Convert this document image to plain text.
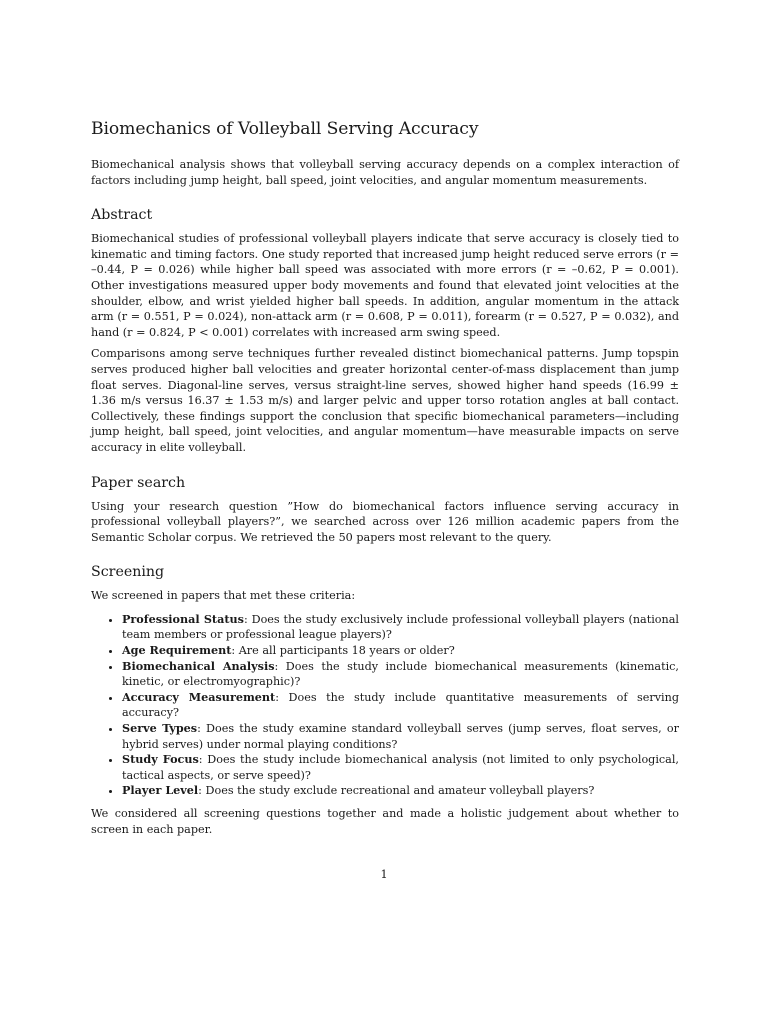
Biomechanics of Volleyball Serving Accuracy

Biomechanical analysis shows that volleyball serving accuracy depends on a complex interaction of factors including jump height, ball speed, joint velocities, and angular momentum measurements.

Abstract

Biomechanical studies of professional volleyball players indicate that serve accuracy is closely tied to kinematic and timing factors. One study reported that increased jump height reduced serve errors (r = –0.44, P = 0.026) while higher ball speed was associated with more errors (r = –0.62, P = 0.001). Other investigations measured upper body movements and found that elevated joint velocities at the shoulder, elbow, and wrist yielded higher ball speeds. In addition, angular momentum in the attack arm (r = 0.551, P = 0.024), non-attack arm (r = 0.608, P = 0.011), forearm (r = 0.527, P = 0.032), and hand (r = 0.824, P < 0.001) correlates with increased arm swing speed.

Comparisons among serve techniques further revealed distinct biomechanical patterns. Jump topspin serves produced higher ball velocities and greater horizontal center-of-mass displacement than jump float serves. Diagonal-line serves, versus straight-line serves, showed higher hand speeds (16.99 ± 1.36 m/s versus 16.37 ± 1.53 m/s) and larger pelvic and upper torso rotation angles at ball contact. Collectively, these findings support the conclusion that specific biomechanical parameters—including jump height, ball speed, joint velocities, and angular momentum—have measurable impacts on serve accuracy in elite volleyball.

Paper search

Using your research question ”How do biomechanical factors influence serving accuracy in professional volleyball players?”, we searched across over 126 million academic papers from the Semantic Scholar corpus. We retrieved the 50 papers most relevant to the query.

Screening

We screened in papers that met these criteria:

• Professional Status: Does the study exclusively include professional volleyball players (national team members or professional league players)?
• Age Requirement: Are all participants 18 years or older?
• Biomechanical Analysis: Does the study include biomechanical measurements (kinematic, kinetic, or electromyographic)?
• Accuracy Measurement: Does the study include quantitative measurements of serving accuracy?
• Serve Types: Does the study examine standard volleyball serves (jump serves, float serves, or hybrid serves) under normal playing conditions?
• Study Focus: Does the study include biomechanical analysis (not limited to only psychological, tactical aspects, or serve speed)?
• Player Level: Does the study exclude recreational and amateur volleyball players?

We considered all screening questions together and made a holistic judgement about whether to screen in each paper.

1
